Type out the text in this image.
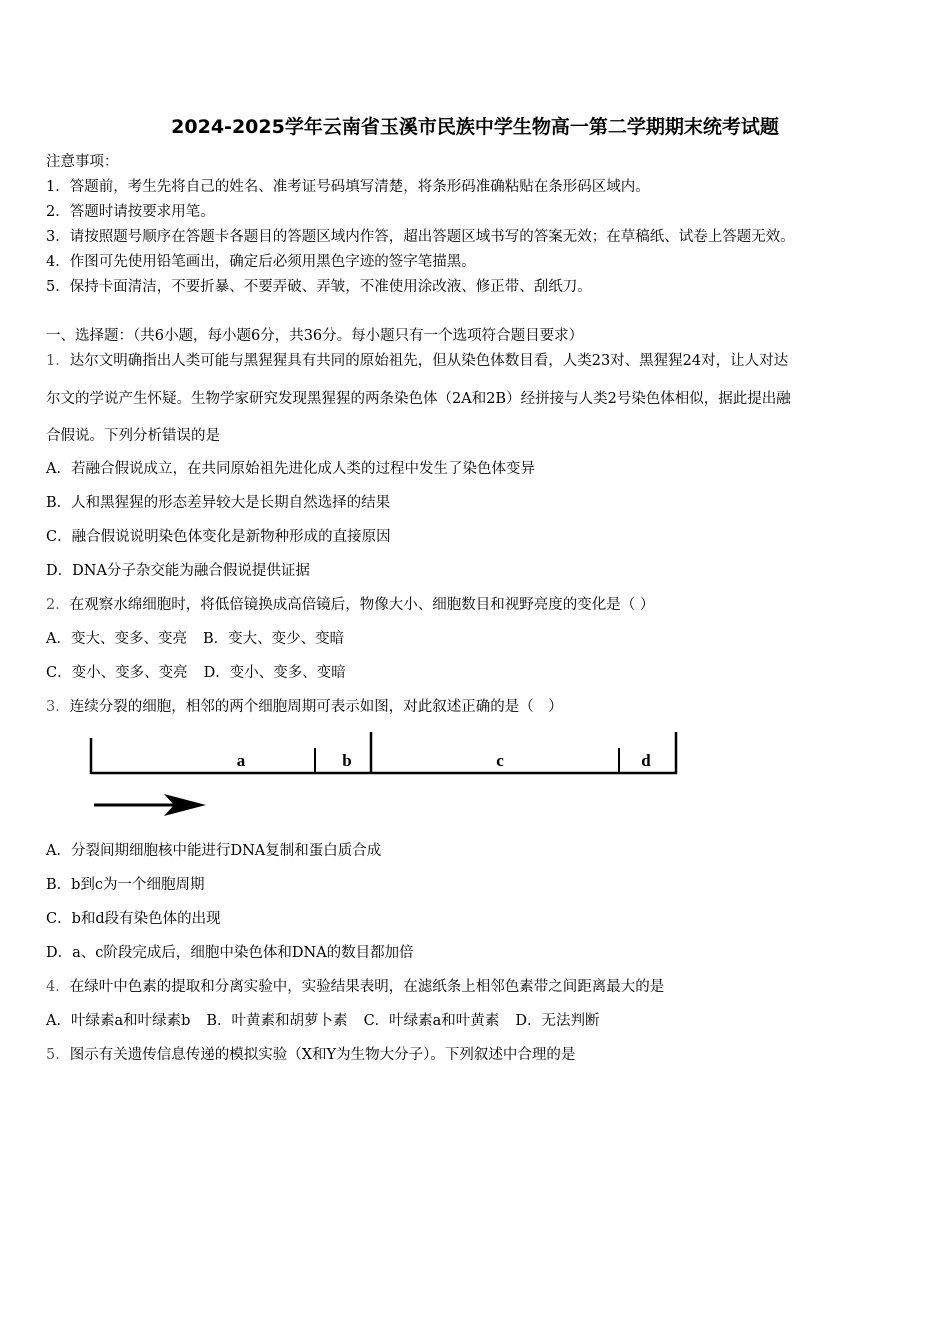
2024-2025学年云南省玉溪市民族中学生物高一第二学期期末统考试题
注意事项：
1．答题前，考生先将自己的姓名、准考证号码填写清楚，将条形码准确粘贴在条形码区域内。
2．答题时请按要求用笔。
3．请按照题号顺序在答题卡各题目的答题区域内作答，超出答题区域书写的答案无效；在草稿纸、试卷上答题无效。
4．作图可先使用铅笔画出，确定后必须用黑色字迹的签字笔描黑。
5．保持卡面清洁，不要折暴、不要弄破、弄皱，不准使用涂改液、修正带、刮纸刀。
一、选择题：（共6小题，每小题6分，共36分。每小题只有一个选项符合题目要求）
1．达尔文明确指出人类可能与黑猩猩具有共同的原始祖先，但从染色体数目看，人类23对、黑猩猩24对，让人对达
尔文的学说产生怀疑。生物学家研究发现黑猩猩的两条染色体（2A和2B）经拼接与人类2号染色体相似，据此提出融
合假说。下列分析错误的是
A．若融合假说成立，在共同原始祖先进化成人类的过程中发生了染色体变异
B．人和黑猩猩的形态差异较大是长期自然选择的结果
C．融合假说说明染色体变化是新物种形成的直接原因
D．DNA分子杂交能为融合假说提供证据
2．在观察水绵细胞时，将低倍镜换成高倍镜后，物像大小、细胞数目和视野亮度的变化是（ ）
A．变大、变多、变亮 B．变大、变少、变暗
C．变小、变多、变亮 D．变小、变多、变暗
3．连续分裂的细胞，相邻的两个细胞周期可表示如图，对此叙述正确的是（　）
a	b	c	d
A．分裂间期细胞核中能进行DNA复制和蛋白质合成
B．b到c为一个细胞周期
C．b和d段有染色体的出现
D．a、c阶段完成后，细胞中染色体和DNA的数目都加倍
4．在绿叶中色素的提取和分离实验中，实验结果表明，在滤纸条上相邻色素带之间距离最大的是
A．叶绿素a和叶绿素b B．叶黄素和胡萝卜素 C．叶绿素a和叶黄素 D．无法判断
5．图示有关遗传信息传递的模拟实验（X和Y为生物大分子）。下列叙述中合理的是
